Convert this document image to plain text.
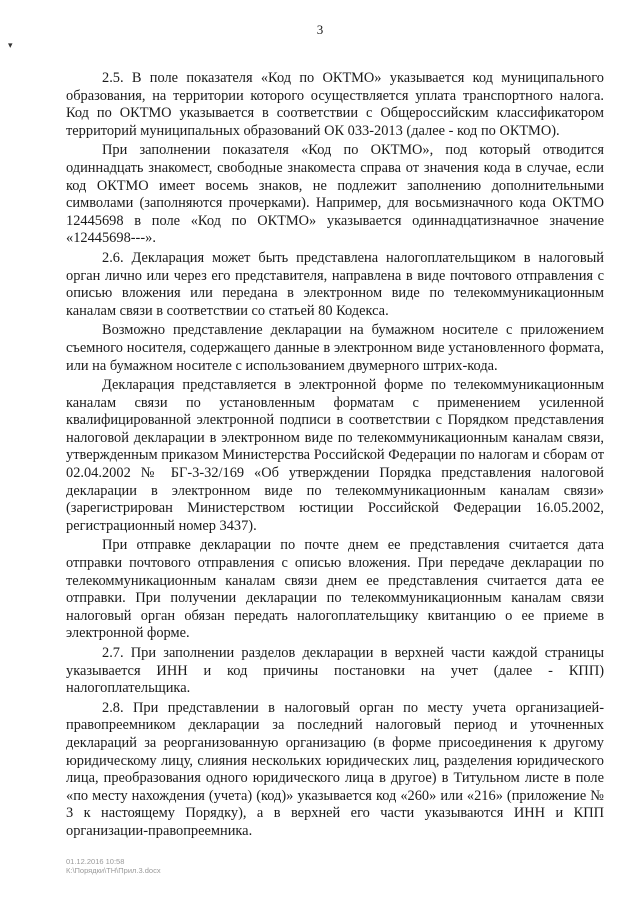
3
▾

2.5. В поле показателя «Код по ОКТМО» указывается код муниципального образования, на территории которого осуществляется уплата транспортного налога. Код по ОКТМО указывается в соответствии с Общероссийским классификатором территорий муниципальных образований ОК 033-2013 (далее - код по ОКТМО).

При заполнении показателя «Код по ОКТМО», под который отводится одиннадцать знакомест, свободные знакоместа справа от значения кода в случае, если код ОКТМО имеет восемь знаков, не подлежит заполнению дополнительными символами (заполняются прочерками). Например, для восьмизначного кода ОКТМО 12445698 в поле «Код по ОКТМО» указывается одиннадцатизначное значение «12445698---».

2.6. Декларация может быть представлена налогоплательщиком в налоговый орган лично или через его представителя, направлена в виде почтового отправления с описью вложения или передана в электронном виде по телекоммуникационным каналам связи в соответствии со статьей 80 Кодекса.

Возможно представление декларации на бумажном носителе с приложением съемного носителя, содержащего данные в электронном виде установленного формата, или на бумажном носителе с использованием двумерного штрих-кода.

Декларация представляется в электронной форме по телекоммуникационным каналам связи по установленным форматам с применением усиленной квалифицированной электронной подписи в соответствии с Порядком представления налоговой декларации в электронном виде по телекоммуникационным каналам связи, утвержденным приказом Министерства Российской Федерации по налогам и сборам от 02.04.2002 № БГ-3-32/169 «Об утверждении Порядка представления налоговой декларации в электронном виде по телекоммуникационным каналам связи» (зарегистрирован Министерством юстиции Российской Федерации 16.05.2002, регистрационный номер 3437).

При отправке декларации по почте днем ее представления считается дата отправки почтового отправления с описью вложения. При передаче декларации по телекоммуникационным каналам связи днем ее представления считается дата ее отправки. При получении декларации по телекоммуникационным каналам связи налоговый орган обязан передать налогоплательщику квитанцию о ее приеме в электронной форме.

2.7. При заполнении разделов декларации в верхней части каждой страницы указывается ИНН и код причины постановки на учет (далее - КПП) налогоплательщика.

2.8. При представлении в налоговый орган по месту учета организацией-правопреемником декларации за последний налоговый период и уточненных деклараций за реорганизованную организацию (в форме присоединения к другому юридическому лицу, слияния нескольких юридических лиц, разделения юридического лица, преобразования одного юридического лица в другое) в Титульном листе в поле «по месту нахождения (учета) (код)» указывается код «260» или «216» (приложение № 3 к настоящему Порядку), а в верхней его части указываются ИНН и КПП организации-правопреемника.

01.12.2016 10:58
К:\Порядки\ТН\Прил.3.docx
